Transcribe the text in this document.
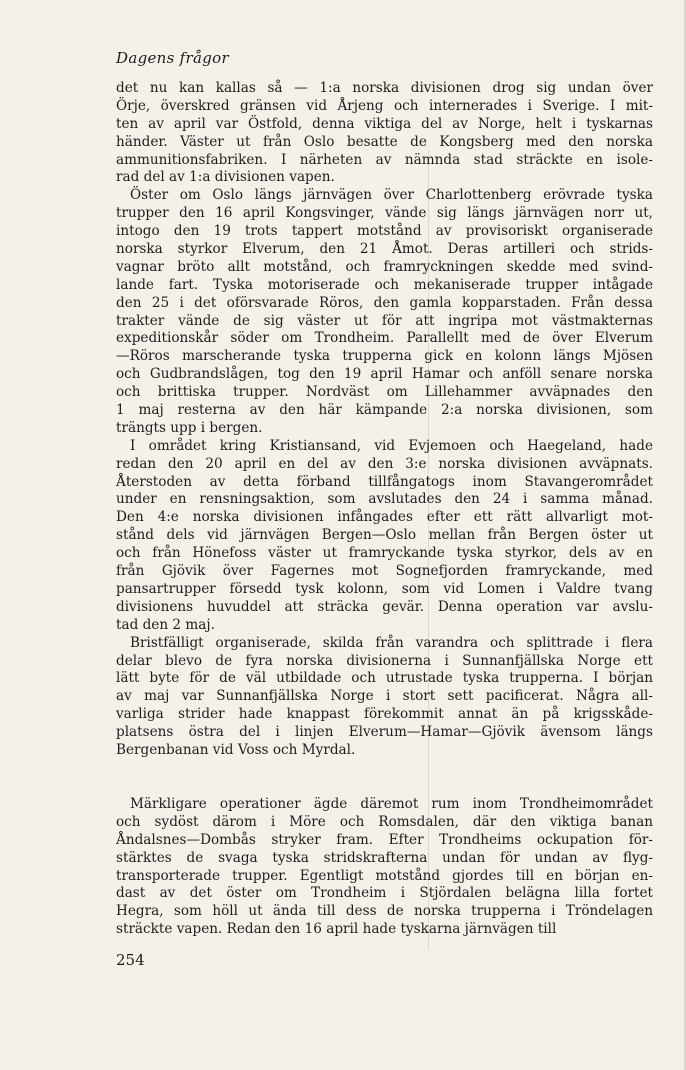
Dagens frågor
det nu kan kallas så — 1:a norska divisionen drog sig undan över
Örje, överskred gränsen vid Årjeng och internerades i Sverige. I mit-
ten av april var Östfold, denna viktiga del av Norge, helt i tyskarnas
händer. Väster ut från Oslo besatte de Kongsberg med den norska
ammunitionsfabriken. I närheten av nämnda stad sträckte en isole-
rad del av 1:a divisionen vapen.
Öster om Oslo längs järnvägen över Charlottenberg erövrade tyska
trupper den 16 april Kongsvinger, vände sig längs järnvägen norr ut,
intogo den 19 trots tappert motstånd av provisoriskt organiserade
norska styrkor Elverum, den 21 Åmot. Deras artilleri och strids-
vagnar bröto allt motstånd, och framryckningen skedde med svind-
lande fart. Tyska motoriserade och mekaniserade trupper intågade
den 25 i det oförsvarade Röros, den gamla kopparstaden. Från dessa
trakter vände de sig väster ut för att ingripa mot västmakternas
expeditionskår söder om Trondheim. Parallellt med de över Elverum
—Röros marscherande tyska trupperna gick en kolonn längs Mjösen
och Gudbrandslågen, tog den 19 april Hamar och anföll senare norska
och brittiska trupper. Nordväst om Lillehammer avväpnades den
1 maj resterna av den här kämpande 2:a norska divisionen, som
trängts upp i bergen.
I området kring Kristiansand, vid Evjemoen och Haegeland, hade
redan den 20 april en del av den 3:e norska divisionen avväpnats.
Återstoden av detta förband tillfångatogs inom Stavangerområdet
under en rensningsaktion, som avslutades den 24 i samma månad.
Den 4:e norska divisionen infångades efter ett rätt allvarligt mot-
stånd dels vid järnvägen Bergen—Oslo mellan från Bergen öster ut
och från Hönefoss väster ut framryckande tyska styrkor, dels av en
från Gjövik över Fagernes mot Sognefjorden framryckande, med
pansartrupper försedd tysk kolonn, som vid Lomen i Valdre tvang
divisionens huvuddel att sträcka gevär. Denna operation var avslu-
tad den 2 maj.
Bristfälligt organiserade, skilda från varandra och splittrade i flera
delar blevo de fyra norska divisionerna i Sunnanfjällska Norge ett
lätt byte för de väl utbildade och utrustade tyska trupperna. I början
av maj var Sunnanfjällska Norge i stort sett pacificerat. Några all-
varliga strider hade knappast förekommit annat än på krigsskåde-
platsens östra del i linjen Elverum—Hamar—Gjövik ävensom längs
Bergenbanan vid Voss och Myrdal.
Märkligare operationer ägde däremot rum inom Trondheimområdet
och sydöst därom i Möre och Romsdalen, där den viktiga banan
Åndalsnes—Dombås stryker fram. Efter Trondheims ockupation för-
stärktes de svaga tyska stridskrafterna undan för undan av flyg-
transporterade trupper. Egentligt motstånd gjordes till en början en-
dast av det öster om Trondheim i Stjördalen belägna lilla fortet
Hegra, som höll ut ända till dess de norska trupperna i Tröndelagen
sträckte vapen. Redan den 16 april hade tyskarna järnvägen till
254
